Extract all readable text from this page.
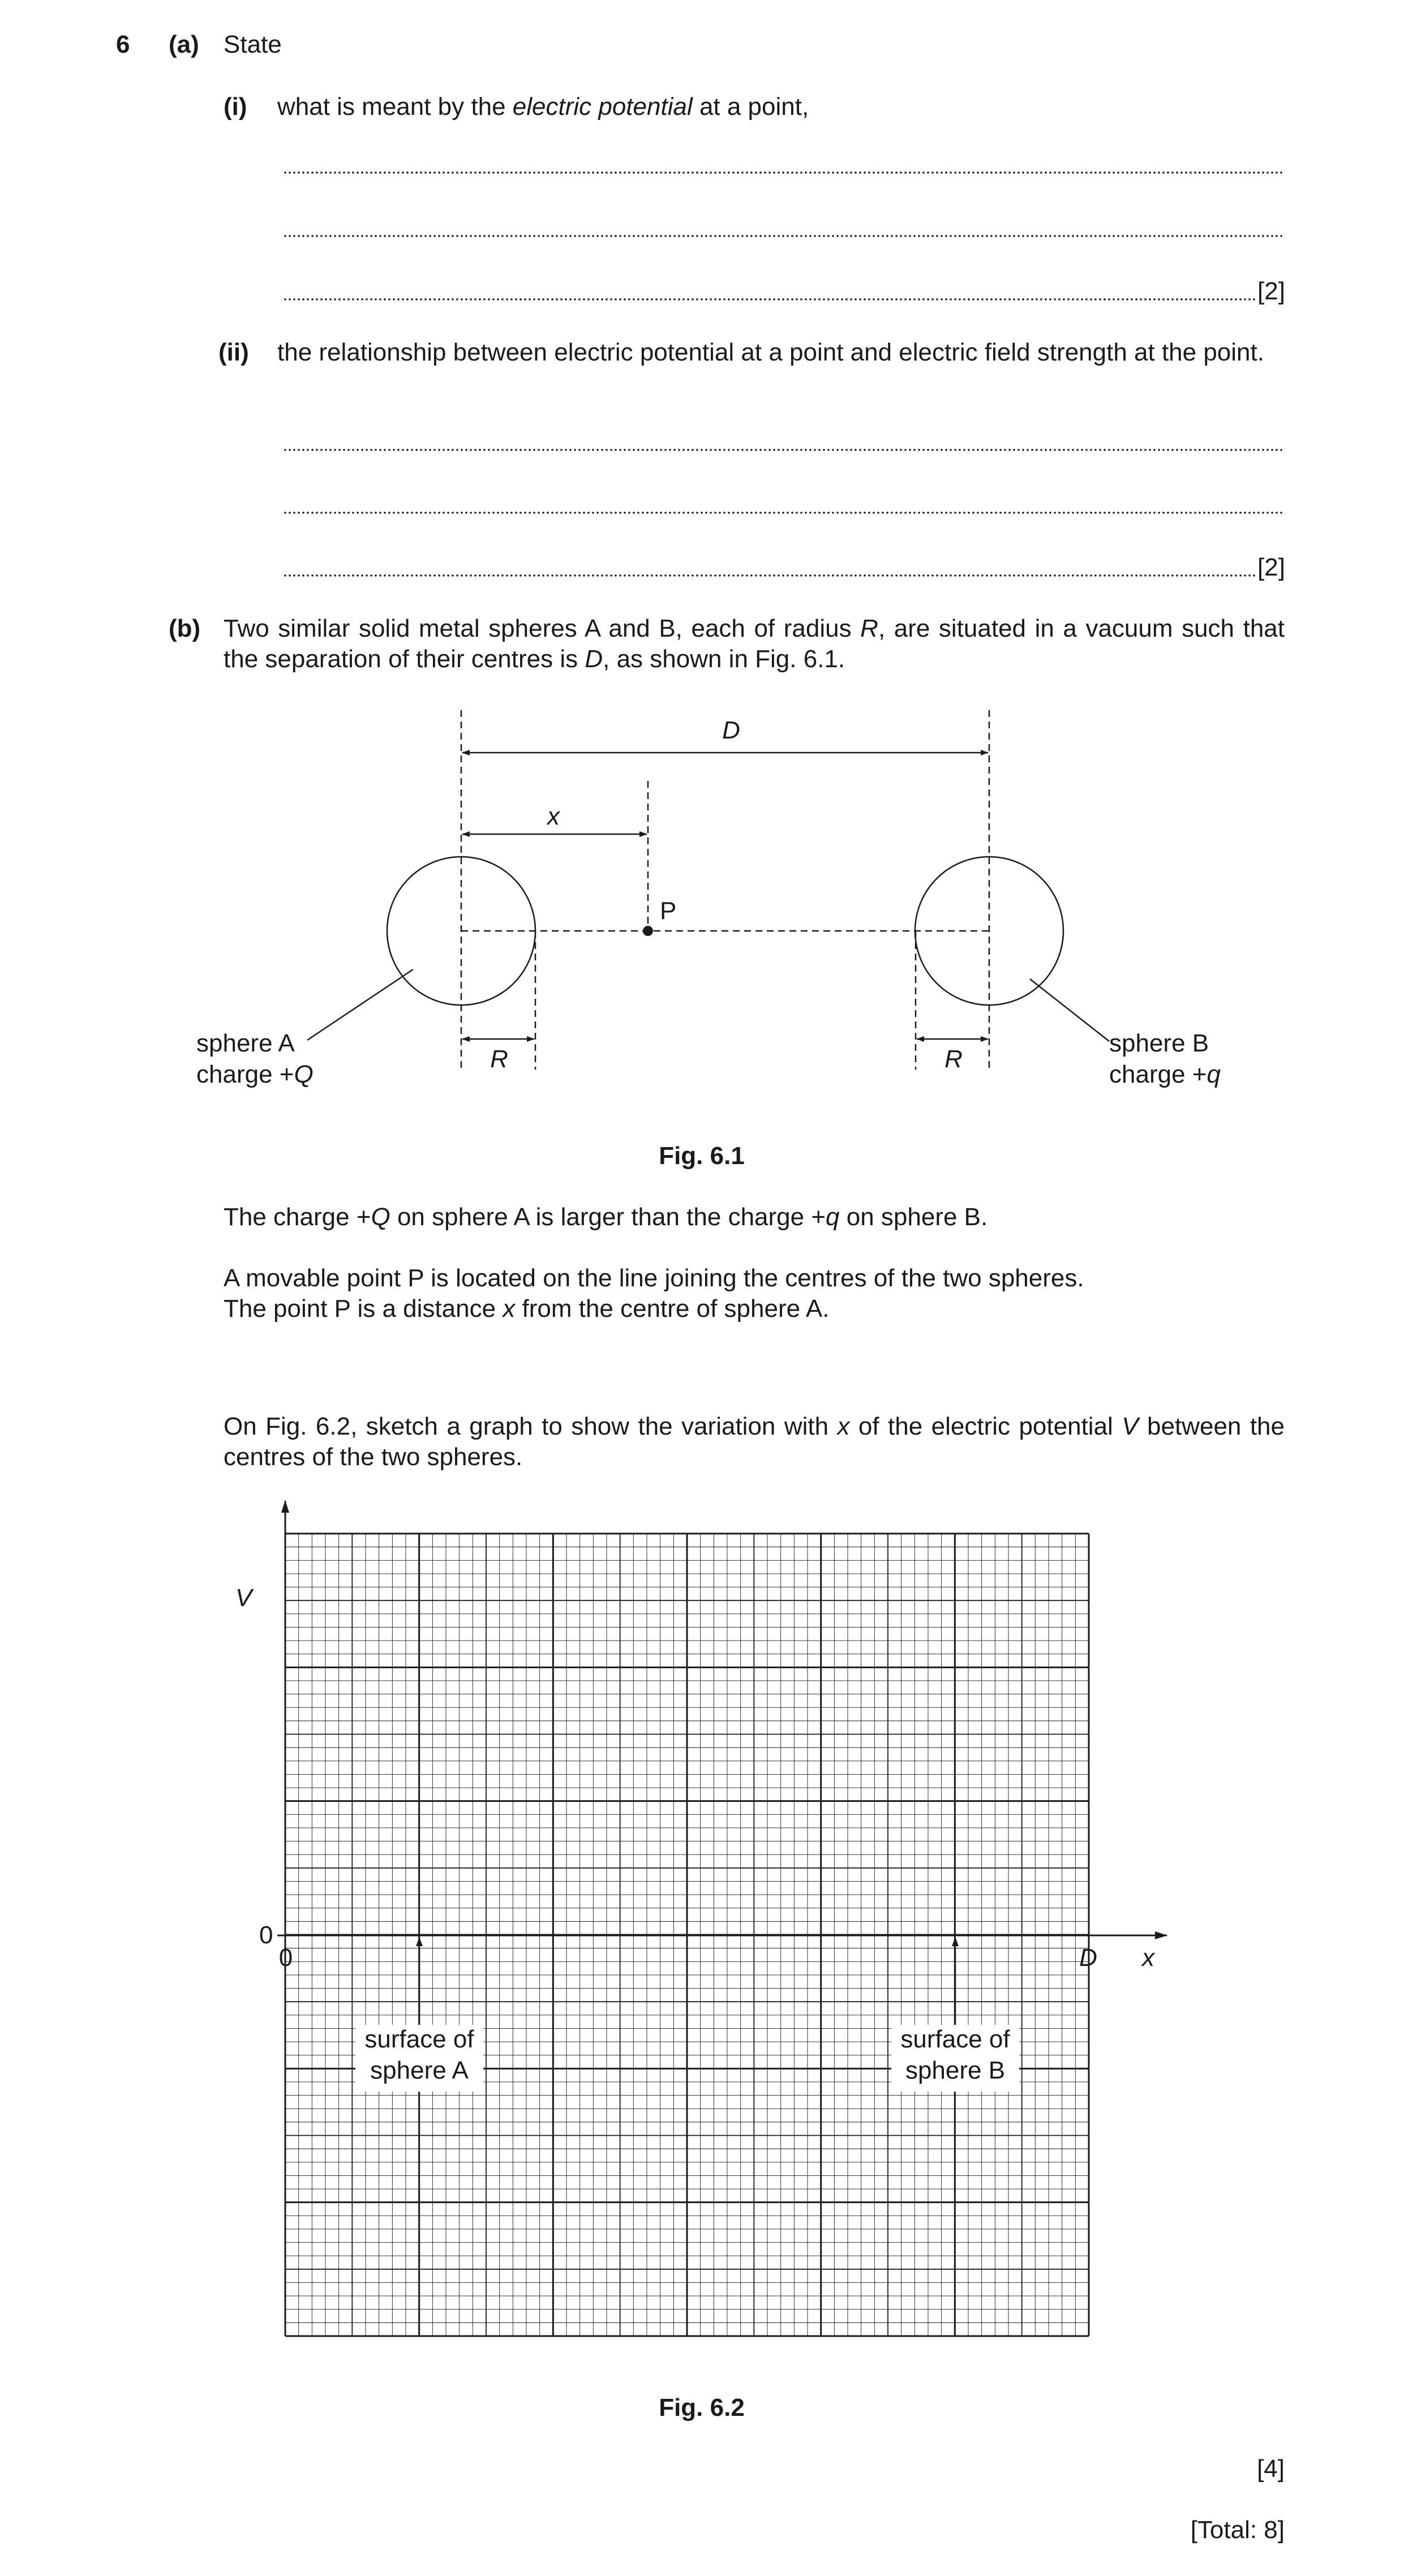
6 (a) State
(i) what is meant by the electric potential at a point,
[2]
(ii) the relationship between electric potential at a point and electric field strength at the point.
[2]
(b) Two similar solid metal spheres A and B, each of radius R, are situated in a vacuum such that the separation of their centres is D, as shown in Fig. 6.1.
D
x
P
R	R
sphere A
charge +Q
sphere B
charge +q
Fig. 6.1
The charge +Q on sphere A is larger than the charge +q on sphere B.
A movable point P is located on the line joining the centres of the two spheres.
The point P is a distance x from the centre of sphere A.
On Fig. 6.2, sketch a graph to show the variation with x of the electric potential V between the centres of the two spheres.
surface of
sphere A
surface of
sphere B
V
x
0
0	D
Fig. 6.2
[4]
[Total: 8]
